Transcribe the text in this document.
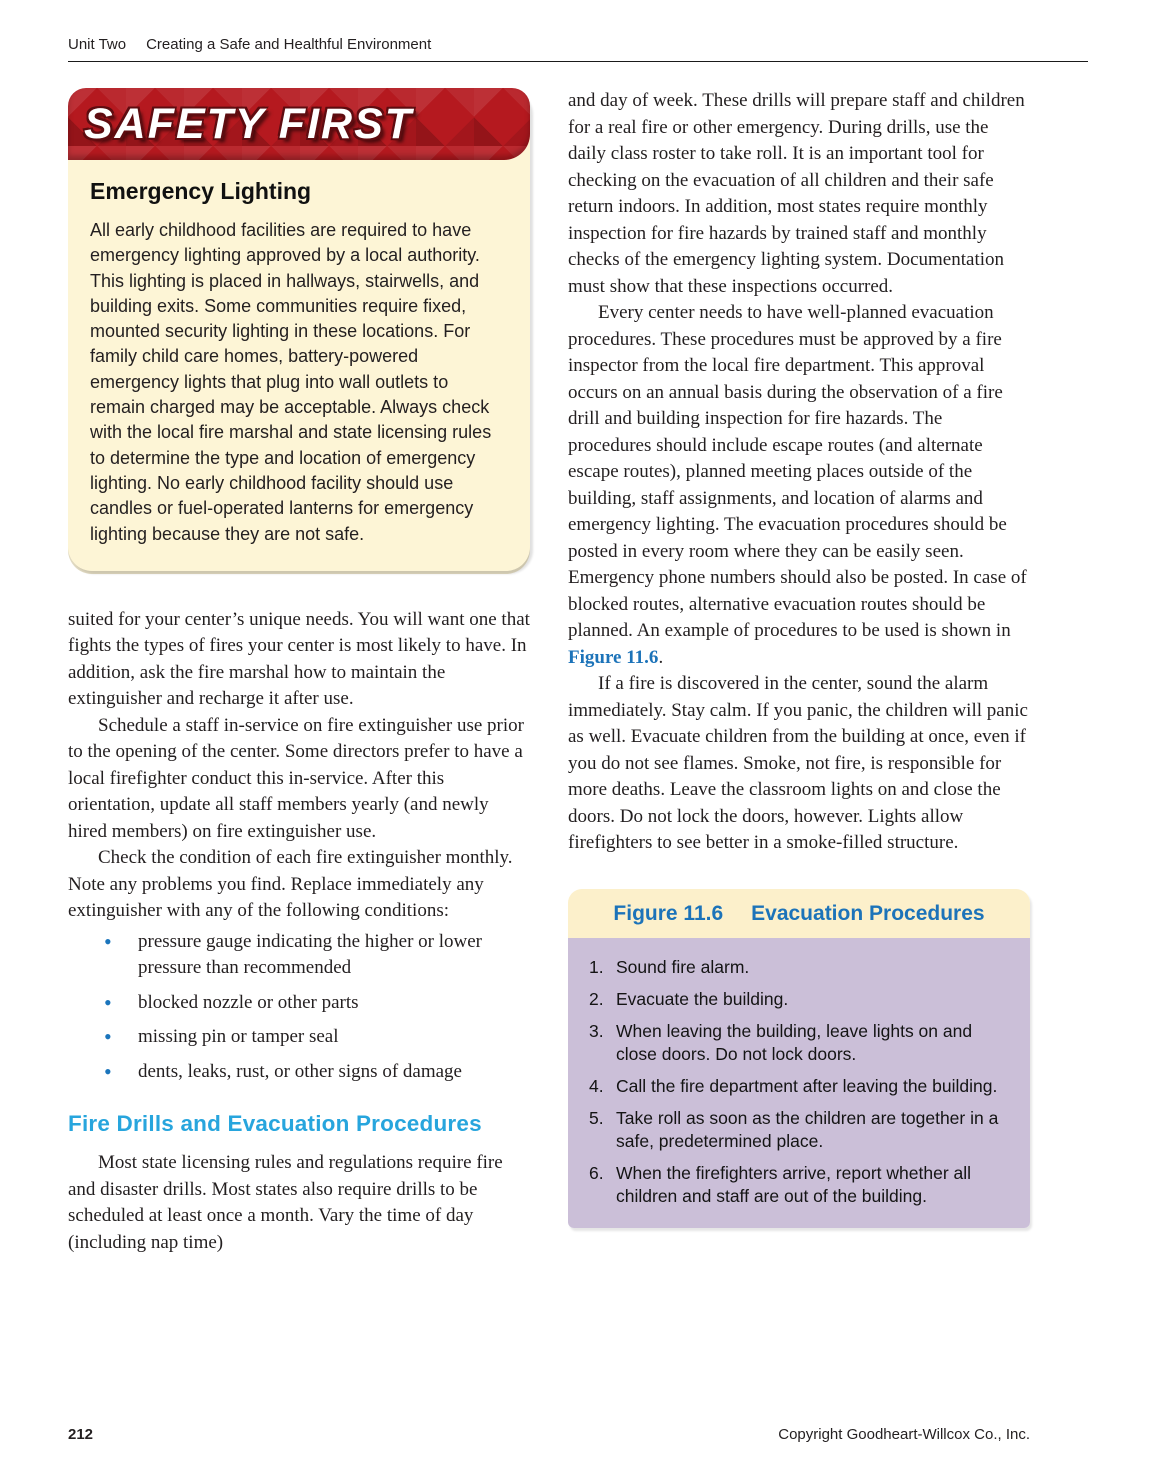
Unit Two Creating a Safe and Healthful Environment
SAFETY FIRST
Emergency Lighting

All early childhood facilities are required to have emergency lighting approved by a local authority. This lighting is placed in hallways, stairwells, and building exits. Some communities require fixed, mounted security lighting in these locations. For family child care homes, battery-powered emergency lights that plug into wall outlets to remain charged may be acceptable. Always check with the local fire marshal and state licensing rules to determine the type and location of emergency lighting. No early childhood facility should use candles or fuel-operated lanterns for emergency lighting because they are not safe.

suited for your center’s unique needs. You will want one that fights the types of fires your center is most likely to have. In addition, ask the fire marshal how to maintain the extinguisher and recharge it after use.

Schedule a staff in-service on fire extinguisher use prior to the opening of the center. Some directors prefer to have a local firefighter conduct this in-service. After this orientation, update all staff members yearly (and newly hired members) on fire extinguisher use.

Check the condition of each fire extinguisher monthly. Note any problems you find. Replace immediately any extinguisher with any of the following conditions:

• pressure gauge indicating the higher or lower pressure than recommended
• blocked nozzle or other parts
• missing pin or tamper seal
• dents, leaks, rust, or other signs of damage
Fire Drills and Evacuation Procedures

Most state licensing rules and regulations require fire and disaster drills. Most states also require drills to be scheduled at least once a month. Vary the time of day (including nap time)

and day of week. These drills will prepare staff and children for a real fire or other emergency. During drills, use the daily class roster to take roll. It is an important tool for checking on the evacuation of all children and their safe return indoors. In addition, most states require monthly inspection for fire hazards by trained staff and monthly checks of the emergency lighting system. Documentation must show that these inspections occurred.

Every center needs to have well-planned evacuation procedures. These procedures must be approved by a fire inspector from the local fire department. This approval occurs on an annual basis during the observation of a fire drill and building inspection for fire hazards. The procedures should include escape routes (and alternate escape routes), planned meeting places outside of the building, staff assignments, and location of alarms and emergency lighting. The evacuation procedures should be posted in every room where they can be easily seen. Emergency phone numbers should also be posted. In case of blocked routes, alternative evacuation routes should be planned. An example of procedures to be used is shown in Figure 11.6.

If a fire is discovered in the center, sound the alarm immediately. Stay calm. If you panic, the children will panic as well. Evacuate children from the building at once, even if you do not see flames. Smoke, not fire, is responsible for more deaths. Leave the classroom lights on and close the doors. Do not lock the doors, however. Lights allow firefighters to see better in a smoke-filled structure.

Figure 11.6 Evacuation Procedures
Sound fire alarm.
Evacuate the building.
When leaving the building, leave lights on and close doors. Do not lock doors.
Call the fire department after leaving the building.
Take roll as soon as the children are together in a safe, predetermined place.
When the firefighters arrive, report whether all children and staff are out of the building.
212	Copyright Goodheart-Willcox Co., Inc.
